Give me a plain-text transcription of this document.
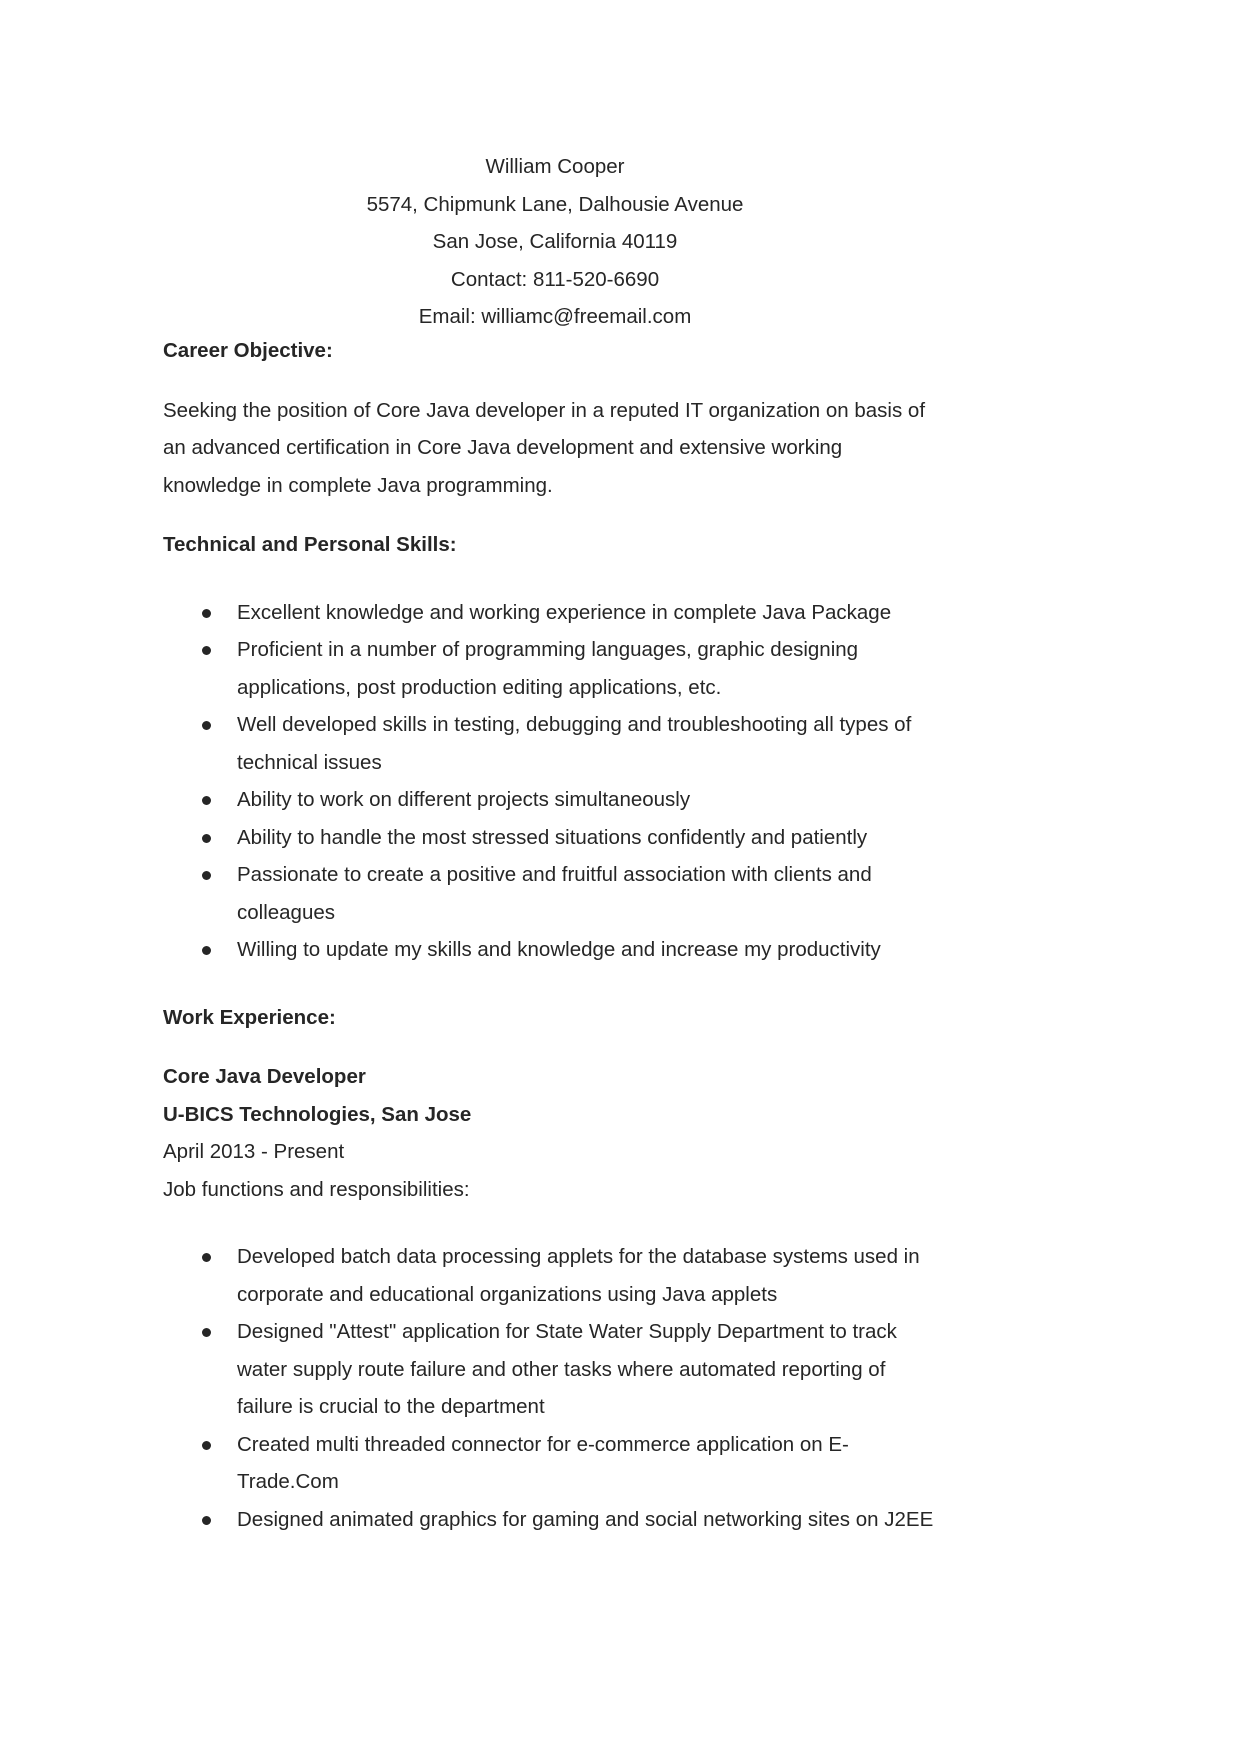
William Cooper
5574, Chipmunk Lane, Dalhousie Avenue
San Jose, California 40119
Contact: 811-520-6690
Email: williamc@freemail.com
Career Objective:
Seeking the position of Core Java developer in a reputed IT organization on basis of an advanced certification in Core Java development and extensive working knowledge in complete Java programming.
Technical and Personal Skills:
Excellent knowledge and working experience in complete Java Package
Proficient in a number of programming languages, graphic designing applications, post production editing applications, etc.
Well developed skills in testing, debugging and troubleshooting all types of technical issues
Ability to work on different projects simultaneously
Ability to handle the most stressed situations confidently and patiently
Passionate to create a positive and fruitful association with clients and colleagues
Willing to update my skills and knowledge and increase my productivity
Work Experience:
Core Java Developer
U-BICS Technologies, San Jose
April 2013 - Present
Job functions and responsibilities:
Developed batch data processing applets for the database systems used in corporate and educational organizations using Java applets
Designed "Attest" application for State Water Supply Department to track water supply route failure and other tasks where automated reporting of failure is crucial to the department
Created multi threaded connector for e-commerce application on E-Trade.Com
Designed animated graphics for gaming and social networking sites on J2EE
